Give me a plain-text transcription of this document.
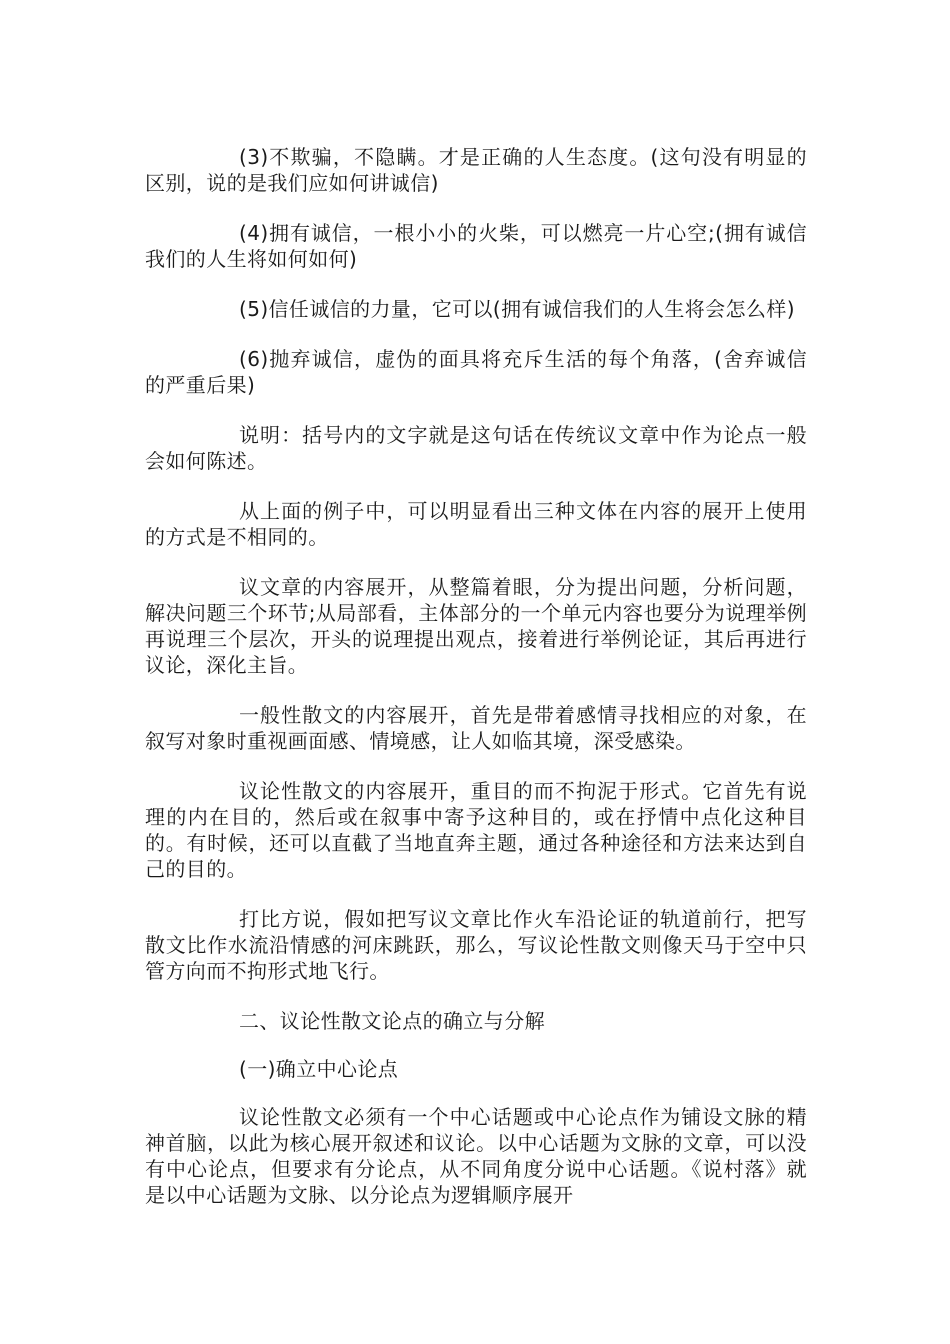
(3)不欺骗，不隐瞒。才是正确的人生态度。(这句没有明显的区别，说的是我们应如何讲诚信)

(4)拥有诚信，一根小小的火柴，可以燃亮一片心空;(拥有诚信我们的人生将如何如何)

(5)信任诚信的力量，它可以(拥有诚信我们的人生将会怎么样)

(6)抛弃诚信，虚伪的面具将充斥生活的每个角落，(舍弃诚信的严重后果)

说明：括号内的文字就是这句话在传统议文章中作为论点一般会如何陈述。

从上面的例子中，可以明显看出三种文体在内容的展开上使用的方式是不相同的。

议文章的内容展开，从整篇着眼，分为提出问题，分析问题，解决问题三个环节;从局部看，主体部分的一个单元内容也要分为说理举例再说理三个层次，开头的说理提出观点，接着进行举例论证，其后再进行议论，深化主旨。

一般性散文的内容展开，首先是带着感情寻找相应的对象，在叙写对象时重视画面感、情境感，让人如临其境，深受感染。

议论性散文的内容展开，重目的而不拘泥于形式。它首先有说理的内在目的，然后或在叙事中寄予这种目的，或在抒情中点化这种目的。有时候，还可以直截了当地直奔主题，通过各种途径和方法来达到自己的目的。

打比方说，假如把写议文章比作火车沿论证的轨道前行，把写散文比作水流沿情感的河床跳跃，那么，写议论性散文则像天马于空中只管方向而不拘形式地飞行。

二、议论性散文论点的确立与分解

(一)确立中心论点

议论性散文必须有一个中心话题或中心论点作为铺设文脉的精神首脑，以此为核心展开叙述和议论。以中心话题为文脉的文章，可以没有中心论点，但要求有分论点，从不同角度分说中心话题。《说村落》就是以中心话题为文脉、以分论点为逻辑顺序展开
